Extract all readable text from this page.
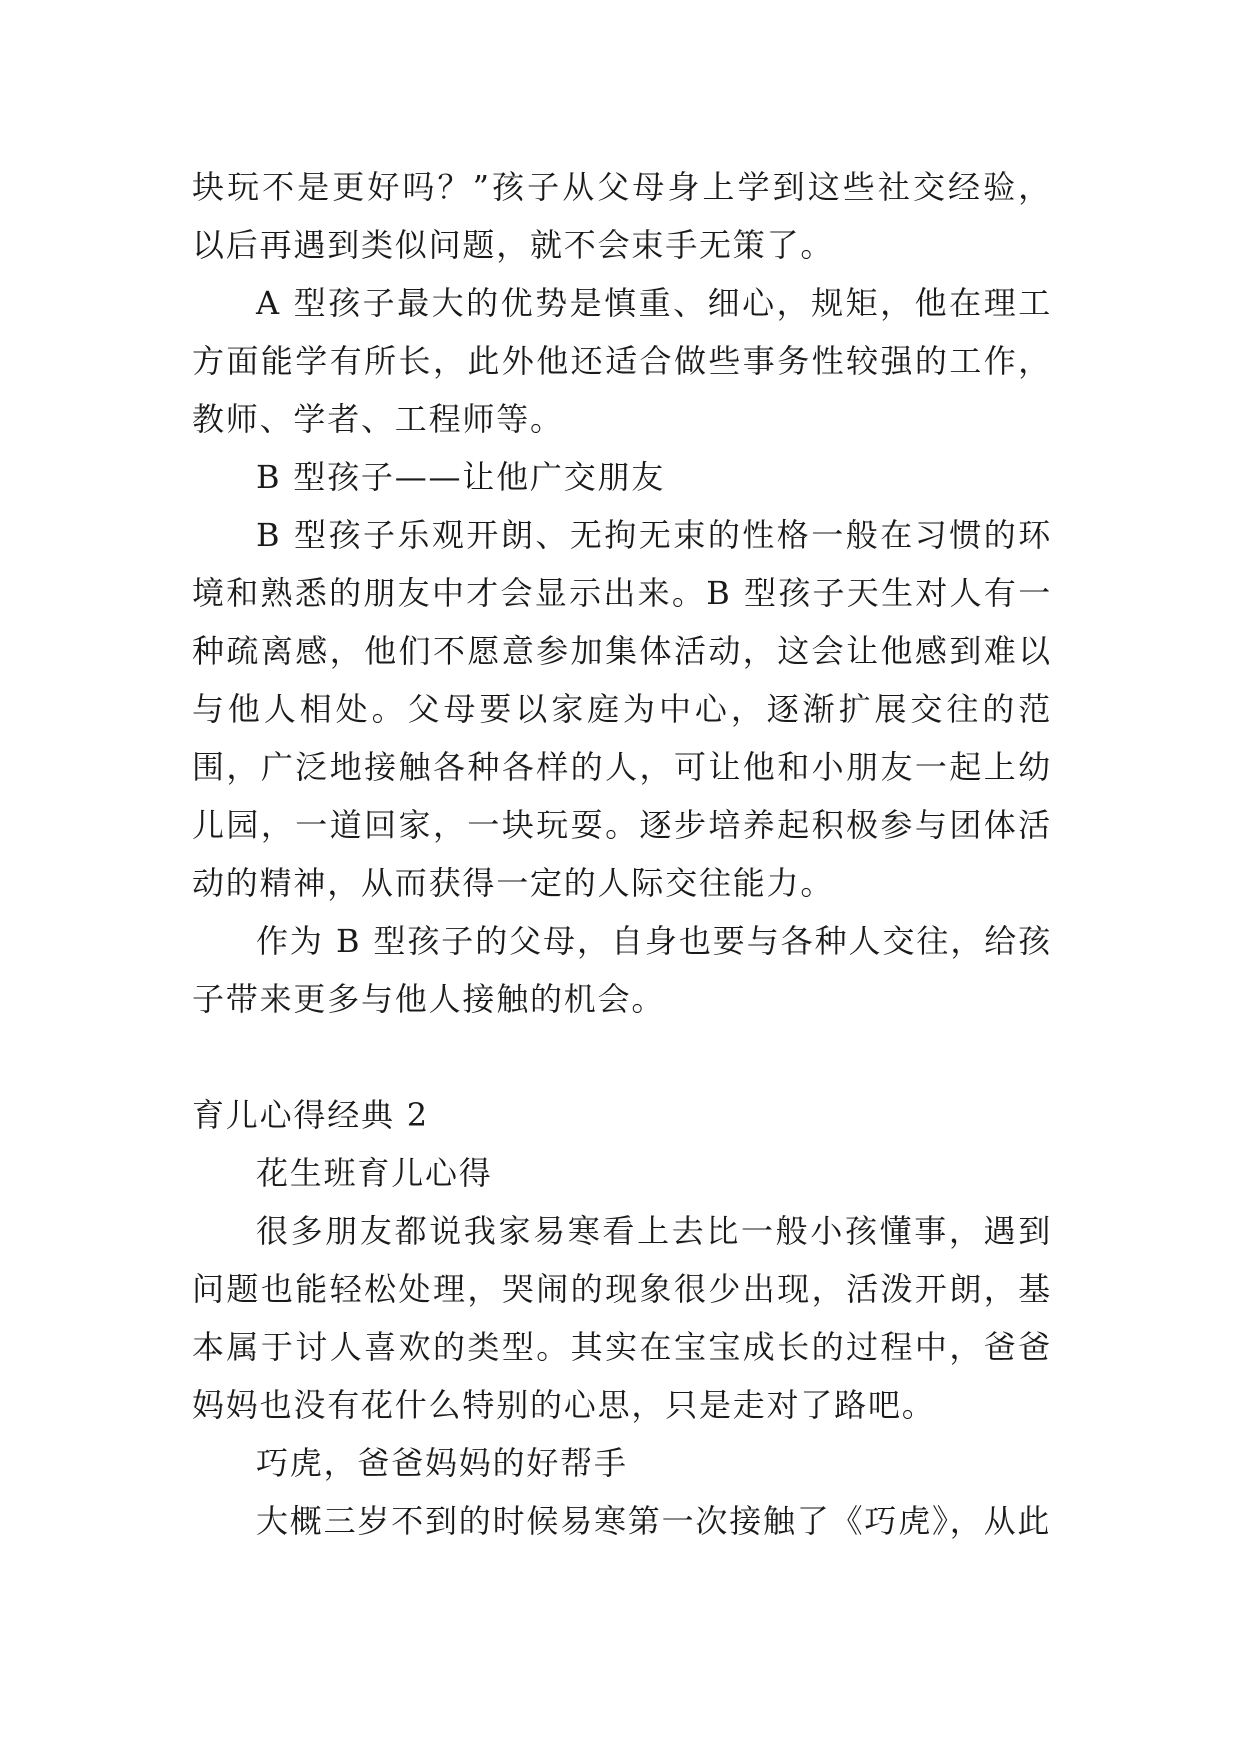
块玩不是更好吗？”孩子从父母身上学到这些社交经验，以后再遇到类似问题，就不会束手无策了。

A 型孩子最大的优势是慎重、细心，规矩，他在理工方面能学有所长，此外他还适合做些事务性较强的工作，教师、学者、工程师等。

B 型孩子——让他广交朋友

B 型孩子乐观开朗、无拘无束的性格一般在习惯的环境和熟悉的朋友中才会显示出来。B 型孩子天生对人有一种疏离感，他们不愿意参加集体活动，这会让他感到难以与他人相处。父母要以家庭为中心，逐渐扩展交往的范围，广泛地接触各种各样的人，可让他和小朋友一起上幼儿园，一道回家，一块玩耍。逐步培养起积极参与团体活动的精神，从而获得一定的人际交往能力。

作为 B 型孩子的父母，自身也要与各种人交往，给孩子带来更多与他人接触的机会。

育儿心得经典 2

花生班育儿心得

很多朋友都说我家易寒看上去比一般小孩懂事，遇到问题也能轻松处理，哭闹的现象很少出现，活泼开朗，基本属于讨人喜欢的类型。其实在宝宝成长的过程中，爸爸妈妈也没有花什么特别的心思，只是走对了路吧。

巧虎，爸爸妈妈的好帮手

大概三岁不到的时候易寒第一次接触了《巧虎》，从此
